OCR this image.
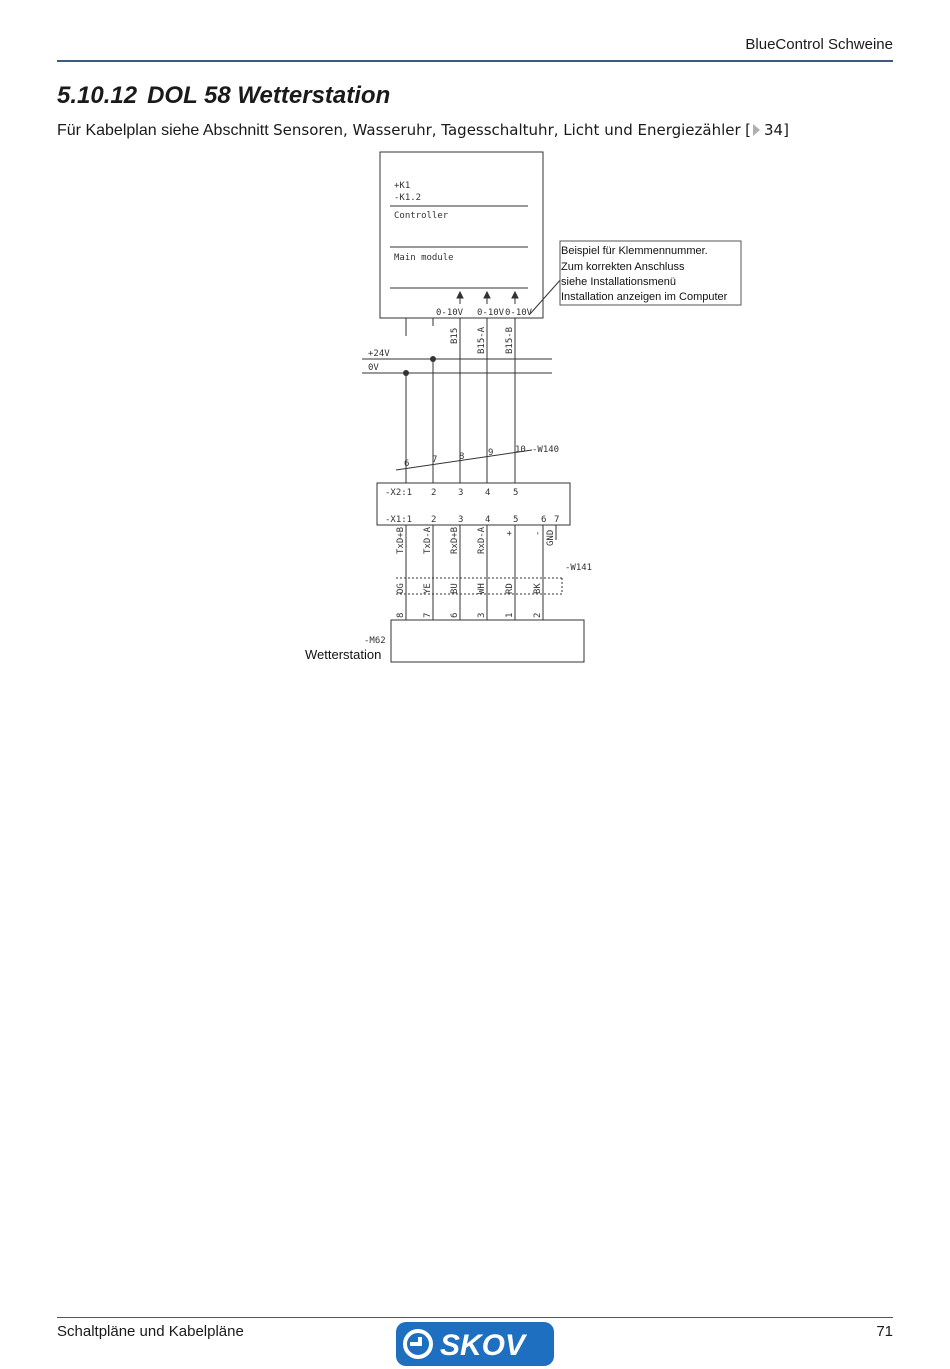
BlueControl Schweine
5.10.12 DOL 58 Wetterstation
Für Kabelplan siehe Abschnitt Sensoren, Wasseruhr, Tagesschaltuhr, Licht und Energiezähler [ 34]
+K1
-K1.2
Controller
Main module
0-10V 0-10V 0-10V
Beispiel für Klemmennummer.
Zum korrekten Anschluss
siehe Installationsmenü
Installation anzeigen im Computer
B15 B15-A B15-B
+24V
0V
6	7 8	9 10 -W140
-X2:1 2 3 4	5
-X1:1 2 3 4	5	6 7
TxD+B TxD-A RxD+B RxD-A + - GND
-W141
OG YE BU WH RD BK
8 7 6 3 1 2
-M62
Wetterstation
Schaltpläne und Kabelpläne	71
SKOV
